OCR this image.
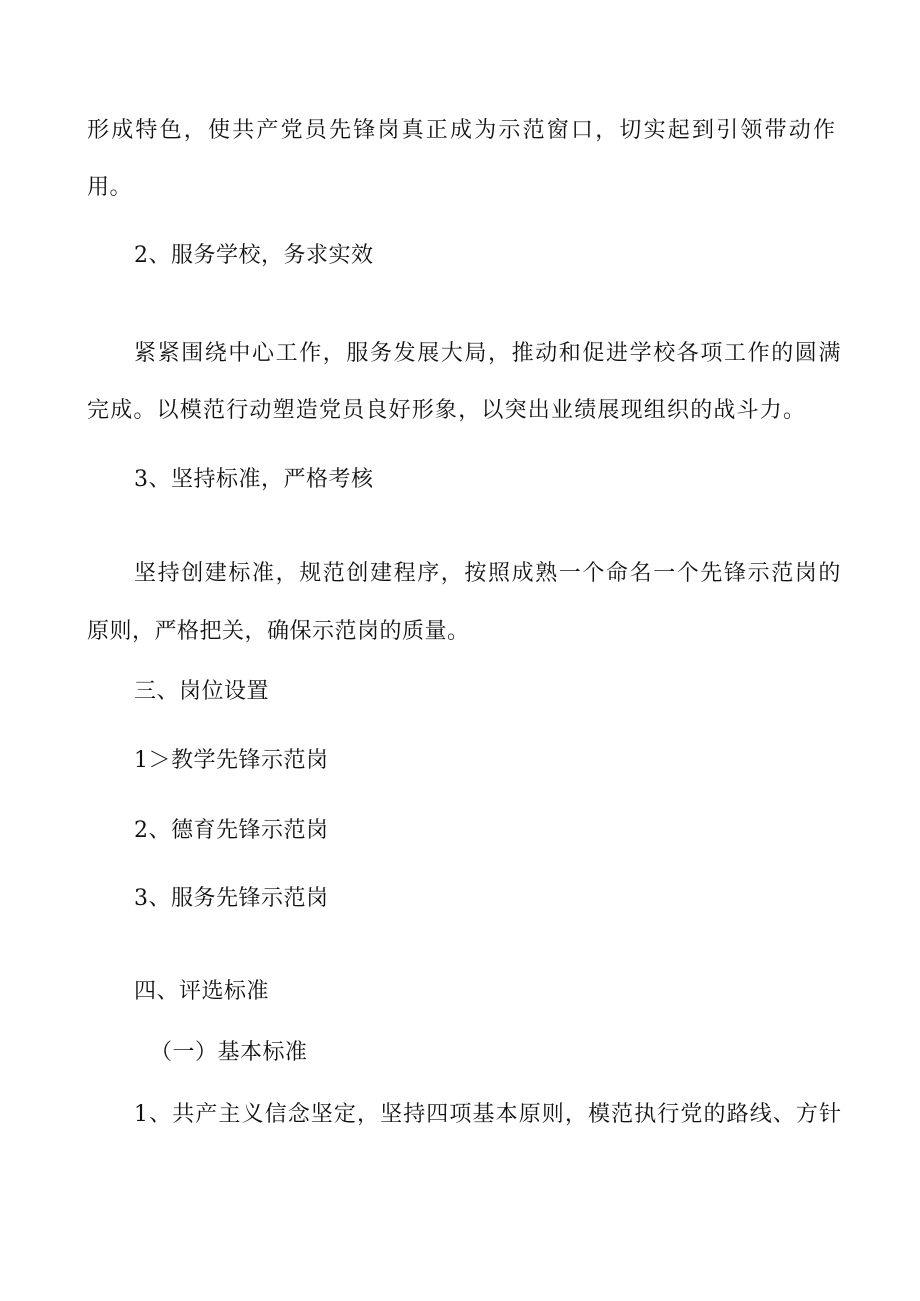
形成特色，使共产党员先锋岗真正成为示范窗口，切实起到引领带动作
用。
2、服务学校，务求实效
紧紧围绕中心工作，服务发展大局，推动和促进学校各项工作的圆满
完成。以模范行动塑造党员良好形象，以突出业绩展现组织的战斗力。
3、坚持标准，严格考核
坚持创建标准，规范创建程序，按照成熟一个命名一个先锋示范岗的
原则，严格把关，确保示范岗的质量。
三、岗位设置
1＞教学先锋示范岗
2、德育先锋示范岗
3、服务先锋示范岗
四、评选标准
（一）基本标准
1、共产主义信念坚定，坚持四项基本原则，模范执行党的路线、方针
